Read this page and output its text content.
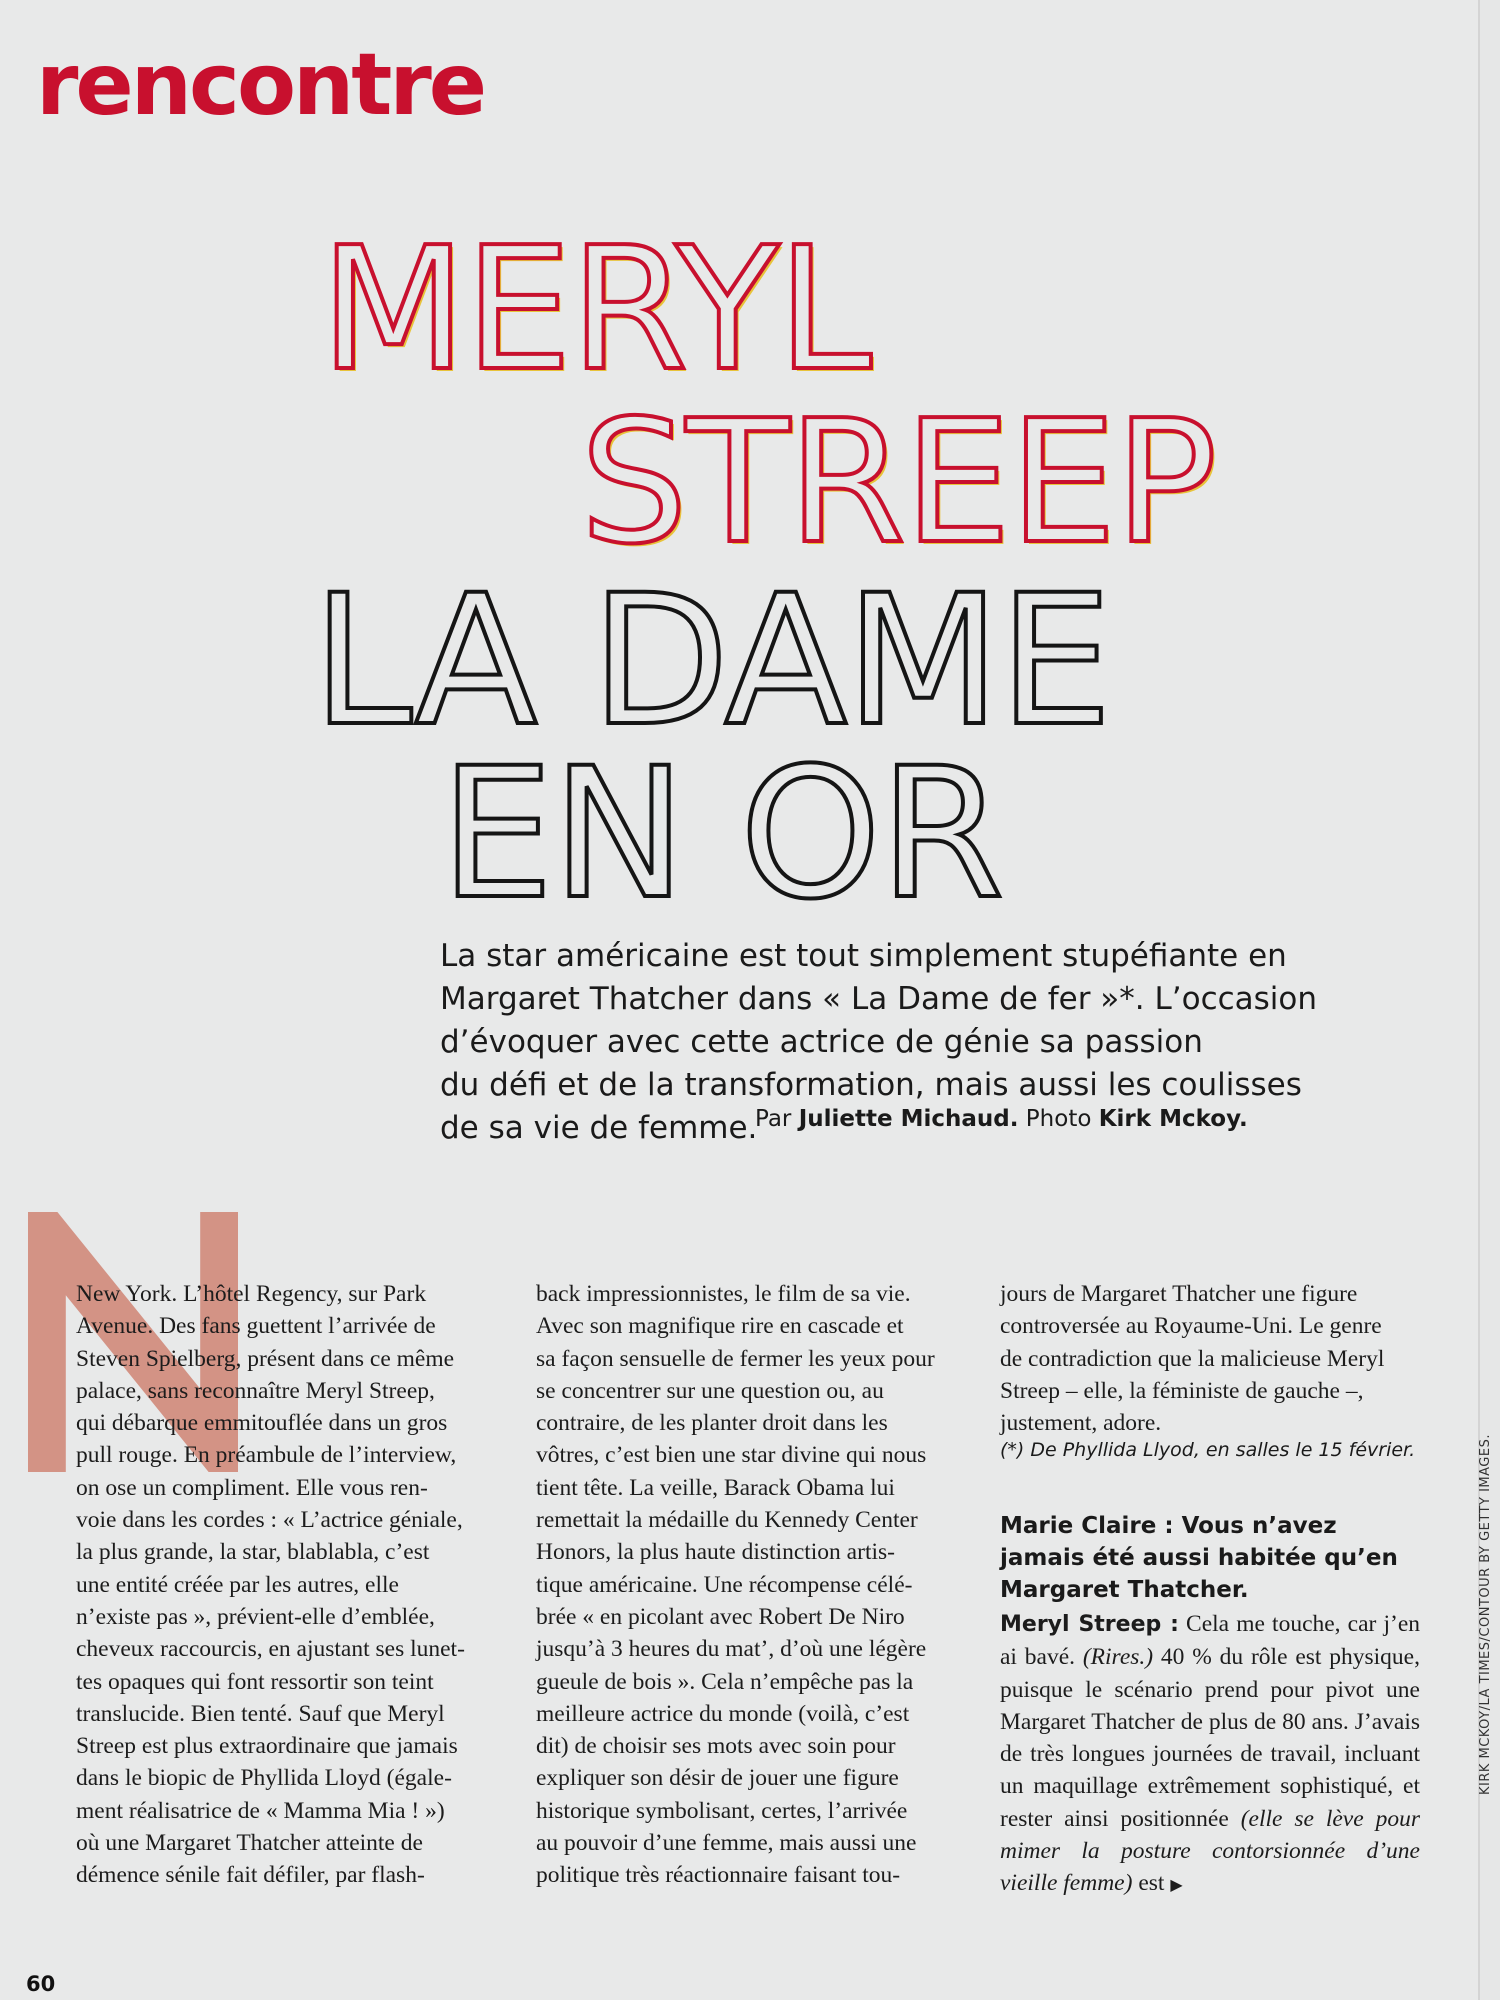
rencontre
MERYL
STREEP
LA DAME
EN OR

La star américaine est tout simplement stupéfiante en
Margaret Thatcher dans « La Dame de fer »*. L’occasion
d’évoquer avec cette actrice de génie sa passion
du défi et de la transformation, mais aussi les coulisses
de sa vie de femme.

Par Juliette Michaud. Photo Kirk Mckoy.
New York. L’hôtel Regency, sur Park
Avenue. Des fans guettent l’arrivée de
Steven Spielberg, présent dans ce même
palace, sans reconnaître Meryl Streep,
qui débarque emmitouflée dans un gros
pull rouge. En préambule de l’interview,
on ose un compliment. Elle vous ren-
voie dans les cordes : « L’actrice géniale,
la plus grande, la star, blablabla, c’est
une entité créée par les autres, elle
n’existe pas », prévient-elle d’emblée,
cheveux raccourcis, en ajustant ses lunet-
tes opaques qui font ressortir son teint
translucide. Bien tenté. Sauf que Meryl
Streep est plus extraordinaire que jamais
dans le biopic de Phyllida Lloyd (égale-
ment réalisatrice de « Mamma Mia ! »)
où une Margaret Thatcher atteinte de
démence sénile fait défiler, par flash-
back impressionnistes, le film de sa vie.
Avec son magnifique rire en cascade et
sa façon sensuelle de fermer les yeux pour
se concentrer sur une question ou, au
contraire, de les planter droit dans les
vôtres, c’est bien une star divine qui nous
tient tête. La veille, Barack Obama lui
remettait la médaille du Kennedy Center
Honors, la plus haute distinction artis-
tique américaine. Une récompense célé-
brée « en picolant avec Robert De Niro
jusqu’à 3 heures du mat’, d’où une légère
gueule de bois ». Cela n’empêche pas la
meilleure actrice du monde (voilà, c’est
dit) de choisir ses mots avec soin pour
expliquer son désir de jouer une figure
historique symbolisant, certes, l’arrivée
au pouvoir d’une femme, mais aussi une
politique très réactionnaire faisant tou-
jours de Margaret Thatcher une figure
controversée au Royaume-Uni. Le genre
de contradiction que la malicieuse Meryl
Streep – elle, la féministe de gauche –,
justement, adore.
(*) De Phyllida Llyod, en salles le 15 février.
Marie Claire : Vous n’avez jamais été aussi habitée qu’en Margaret Thatcher.
Meryl Streep : Cela me touche, car j’en ai bavé. (Rires.) 40 % du rôle est physique, puisque le scénario prend pour pivot une Margaret Thatcher de plus de 80 ans. J’avais de très longues journées de travail, incluant un maquillage extrêmement sophistiqué, et rester ainsi positionnée (elle se lève pour mimer la posture contorsionnée d’une vieille femme) est ▶
KIRK MCKOY/LA TIMES/CONTOUR BY GETTY IMAGES.
60
